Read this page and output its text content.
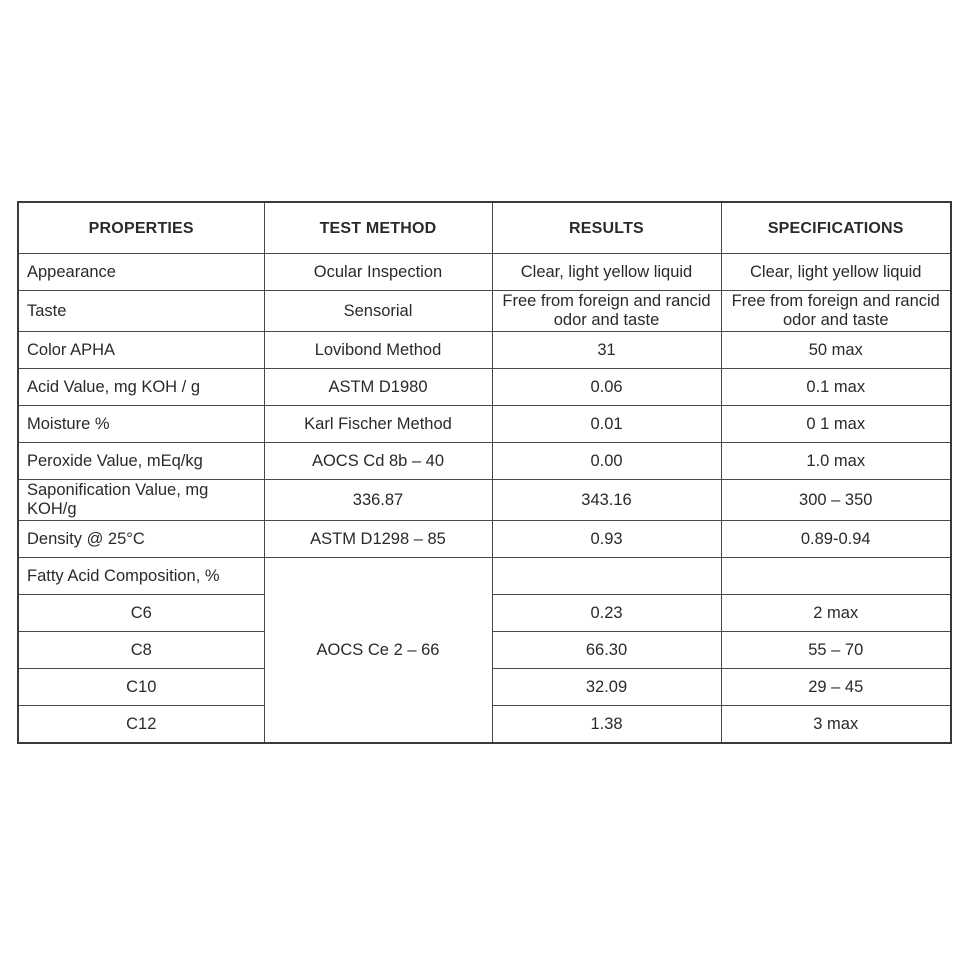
PROPERTIES	TEST METHOD	RESULTS	SPECIFICATIONS
Appearance	Ocular Inspection	Clear, light yellow liquid	Clear, light yellow liquid
Taste	Sensorial	Free from foreign and rancid odor and taste	Free from foreign and rancid odor and taste
Color APHA	Lovibond Method	31	50 max
Acid Value, mg KOH / g	ASTM D1980	0.06	0.1 max
Moisture %	Karl Fischer Method	0.01	0 1 max
Peroxide Value, mEq/kg	AOCS Cd 8b – 40	0.00	1.0 max
Saponification Value, mg KOH/g	336.87	343.16	300 – 350
Density @ 25°C	ASTM D1298 – 85	0.93	0.89-0.94
Fatty Acid Composition, %	AOCS Ce 2 – 66		
C6		0.23	2 max
C8		66.30	55 – 70
C10		32.09	29 – 45
C12		1.38	3 max
